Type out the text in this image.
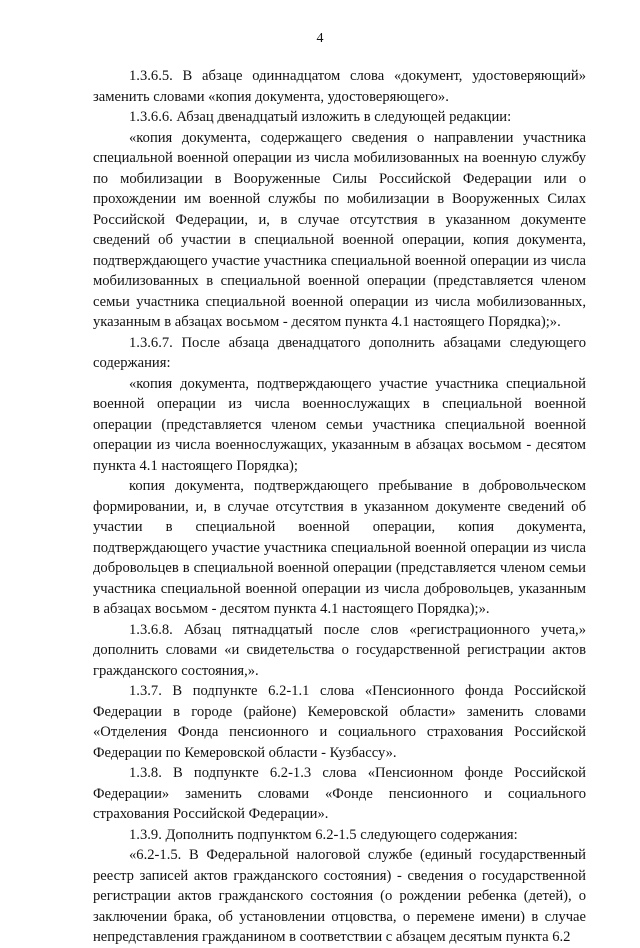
4

1.3.6.5. В абзаце одиннадцатом слова «документ, удостоверяющий» заменить словами «копия документа, удостоверяющего».

1.3.6.6. Абзац двенадцатый изложить в следующей редакции:

«копия документа, содержащего сведения о направлении участника специальной военной операции из числа мобилизованных на военную службу по мобилизации в Вооруженные Силы Российской Федерации или о прохождении им военной службы по мобилизации в Вооруженных Силах Российской Федерации, и, в случае отсутствия в указанном документе сведений об участии в специальной военной операции, копия документа, подтверждающего участие участника специальной военной операции из числа мобилизованных в специальной военной операции (представляется членом семьи участника специальной военной операции из числа мобилизованных, указанным в абзацах восьмом - десятом пункта 4.1 настоящего Порядка);».

1.3.6.7. После абзаца двенадцатого дополнить абзацами следующего содержания:

«копия документа, подтверждающего участие участника специальной военной операции из числа военнослужащих в специальной военной операции (представляется членом семьи участника специальной военной операции из числа военнослужащих, указанным в абзацах восьмом - десятом пункта 4.1 настоящего Порядка);

копия документа, подтверждающего пребывание в добровольческом формировании, и, в случае отсутствия в указанном документе сведений об участии в специальной военной операции, копия документа, подтверждающего участие участника специальной военной операции из числа добровольцев в специальной военной операции (представляется членом семьи участника специальной военной операции из числа добровольцев, указанным в абзацах восьмом - десятом пункта 4.1 настоящего Порядка);».

1.3.6.8. Абзац пятнадцатый после слов «регистрационного учета,» дополнить словами «и свидетельства о государственной регистрации актов гражданского состояния,».

1.3.7. В подпункте 6.2-1.1 слова «Пенсионного фонда Российской Федерации в городе (районе) Кемеровской области» заменить словами «Отделения Фонда пенсионного и социального страхования Российской Федерации по Кемеровской области - Кузбассу».

1.3.8. В подпункте 6.2-1.3 слова «Пенсионном фонде Российской Федерации» заменить словами «Фонде пенсионного и социального страхования Российской Федерации».

1.3.9. Дополнить подпунктом 6.2-1.5 следующего содержания:

«6.2-1.5. В Федеральной налоговой службе (единый государственный реестр записей актов гражданского состояния) - сведения о государственной регистрации актов гражданского состояния (о рождении ребенка (детей), о заключении брака, об установлении отцовства, о перемене имени) в случае непредставления гражданином в соответствии с абзацем десятым пункта 6.2
